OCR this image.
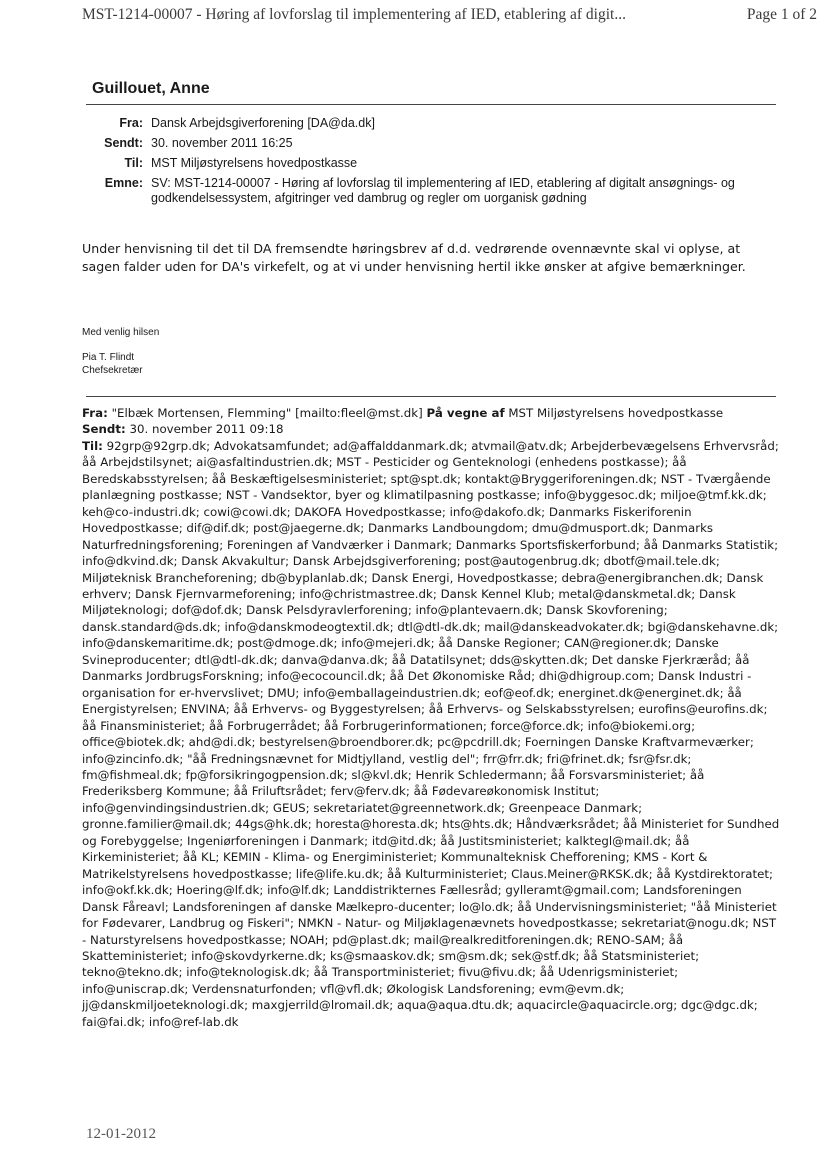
MST-1214-00007 - Høring af lovforslag til implementering af IED, etablering af digit...	Page 1 of 2
Guillouet, Anne
Fra: Dansk Arbejdsgiverforening [DA@da.dk]
Sendt: 30. november 2011 16:25
Til: MST Miljøstyrelsens hovedpostkasse
Emne: SV: MST-1214-00007 - Høring af lovforslag til implementering af IED, etablering af digitalt ansøgnings- og godkendelsessystem, afgitringer ved dambrug og regler om uorganisk gødning
Under henvisning til det til DA fremsendte høringsbrev af d.d. vedrørende ovennævnte skal vi oplyse, at sagen falder uden for DA's virkefelt, og at vi under henvisning hertil ikke ønsker at afgive bemærkninger.
Med venlig hilsen
Pia T. Flindt
Chefsekretær
Fra: "Elbæk Mortensen, Flemming" [mailto:fleel@mst.dk] På vegne af MST Miljøstyrelsens hovedpostkasse
Sendt: 30. november 2011 09:18
Til: 92grp@92grp.dk; Advokatsamfundet; ad@affalddanmark.dk; atvmail@atv.dk; Arbejderbevægelsens Erhvervsråd; åå Arbejdstilsynet; ai@asfaltindustrien.dk; MST - Pesticider og Genteknologi (enhedens postkasse); åå Beredskabsstyrelsen; åå Beskæftigelsesministeriet; spt@spt.dk; kontakt@Bryggeriforeningen.dk; NST - Tværgående planlægning postkasse; NST - Vandsektor, byer og klimatilpasning postkasse; info@byggesoc.dk; miljoe@tmf.kk.dk; keh@co-industri.dk; cowi@cowi.dk; DAKOFA Hovedpostkasse; info@dakofo.dk; Danmarks Fiskeriforenin Hovedpostkasse; dif@dif.dk; post@jaegerne.dk; Danmarks Landboungdom; dmu@dmusport.dk; Danmarks Naturfredningsforening; Foreningen af Vandværker i Danmark; Danmarks Sportsfiskerforbund; åå Danmarks Statistik; info@dkvind.dk; Dansk Akvakultur; Dansk Arbejdsgiverforening; post@autogenbrug.dk; dbotf@mail.tele.dk; Miljøteknisk Brancheforening; db@byplanlab.dk; Dansk Energi, Hovedpostkasse; debra@energibranchen.dk; Dansk erhverv; Dansk Fjernvarmeforening; info@christmastree.dk; Dansk Kennel Klub; metal@danskmetal.dk; Dansk Miljøteknologi; dof@dof.dk; Dansk Pelsdyravlerforening; info@plantevaern.dk; Dansk Skovforening; dansk.standard@ds.dk; info@danskmodeogtextil.dk; dtl@dtl-dk.dk; mail@danskeadvokater.dk; bgi@danskehavne.dk; info@danskemaritime.dk; post@dmoge.dk; info@mejeri.dk; åå Danske Regioner; CAN@regioner.dk; Danske Svineproducenter; dtl@dtl-dk.dk; danva@danva.dk; åå Datatilsynet; dds@skytten.dk; Det danske Fjerkræråd; åå Danmarks JordbrugsForskning; info@ecocouncil.dk; åå Det Økonomiske Råd; dhi@dhigroup.com; Dansk Industri - organisation for er-hvervslivet; DMU; info@emballageindustrien.dk; eof@eof.dk; energinet.dk@energinet.dk; åå Energistyrelsen; ENVINA; åå Erhvervs- og Byggestyrelsen; åå Erhvervs- og Selskabsstyrelsen; eurofins@eurofins.dk; åå Finansministeriet; åå Forbrugerrådet; åå Forbrugerinformationen; force@force.dk; info@biokemi.org; office@biotek.dk; ahd@di.dk; bestyrelsen@broendborer.dk; pc@pcdrill.dk; Foerningen Danske Kraftvarmeværker; info@zincinfo.dk; "åå Fredningsnævnet for Midtjylland, vestlig del"; frr@frr.dk; fri@frinet.dk; fsr@fsr.dk; fm@fishmeal.dk; fp@forsikringogpension.dk; sl@kvl.dk; Henrik Schledermann; åå Forsvarsministeriet; åå Frederiksberg Kommune; åå Friluftsrådet; ferv@ferv.dk; åå Fødevareøkonomisk Institut; info@genvindingsindustrien.dk; GEUS; sekretariatet@greennetwork.dk; Greenpeace Danmark; gronne.familier@mail.dk; 44gs@hk.dk; horesta@horesta.dk; hts@hts.dk; Håndværksrådet; åå Ministeriet for Sundhed og Forebyggelse; Ingeniørforeningen i Danmark; itd@itd.dk; åå Justitsministeriet; kalktegl@mail.dk; åå Kirkeministeriet; åå KL; KEMIN - Klima- og Energiministeriet; Kommunalteknisk Chefforening; KMS - Kort & Matrikelstyrelsens hovedpostkasse; life@life.ku.dk; åå Kulturministeriet; Claus.Meiner@RKSK.dk; åå Kystdirektoratet; info@okf.kk.dk; Hoering@lf.dk; info@lf.dk; Landdistrikternes Fællesråd; gylleramt@gmail.com; Landsforeningen Dansk Fåreavl; Landsforeningen af danske Mælkepro-ducenter; lo@lo.dk; åå Undervisningsministeriet; "åå Ministeriet for Fødevarer, Landbrug og Fiskeri"; NMKN - Natur- og Miljøklagenævnets hovedpostkasse; sekretariat@nogu.dk; NST - Naturstyrelsens hovedpostkasse; NOAH; pd@plast.dk; mail@realkreditforeningen.dk; RENO-SAM; åå Skatteministeriet; info@skovdyrkerne.dk; ks@smaaskov.dk; sm@sm.dk; sek@stf.dk; åå Statsministeriet; tekno@tekno.dk; info@teknologisk.dk; åå Transportministeriet; fivu@fivu.dk; åå Udenrigsministeriet; info@uniscrap.dk; Verdensnaturfonden; vfl@vfl.dk; Økologisk Landsforening; evm@evm.dk; jj@danskmiljoeteknologi.dk; maxgjerrild@lromail.dk; aqua@aqua.dtu.dk; aquacircle@aquacircle.org; dgc@dgc.dk; fai@fai.dk; info@ref-lab.dk
12-01-2012
